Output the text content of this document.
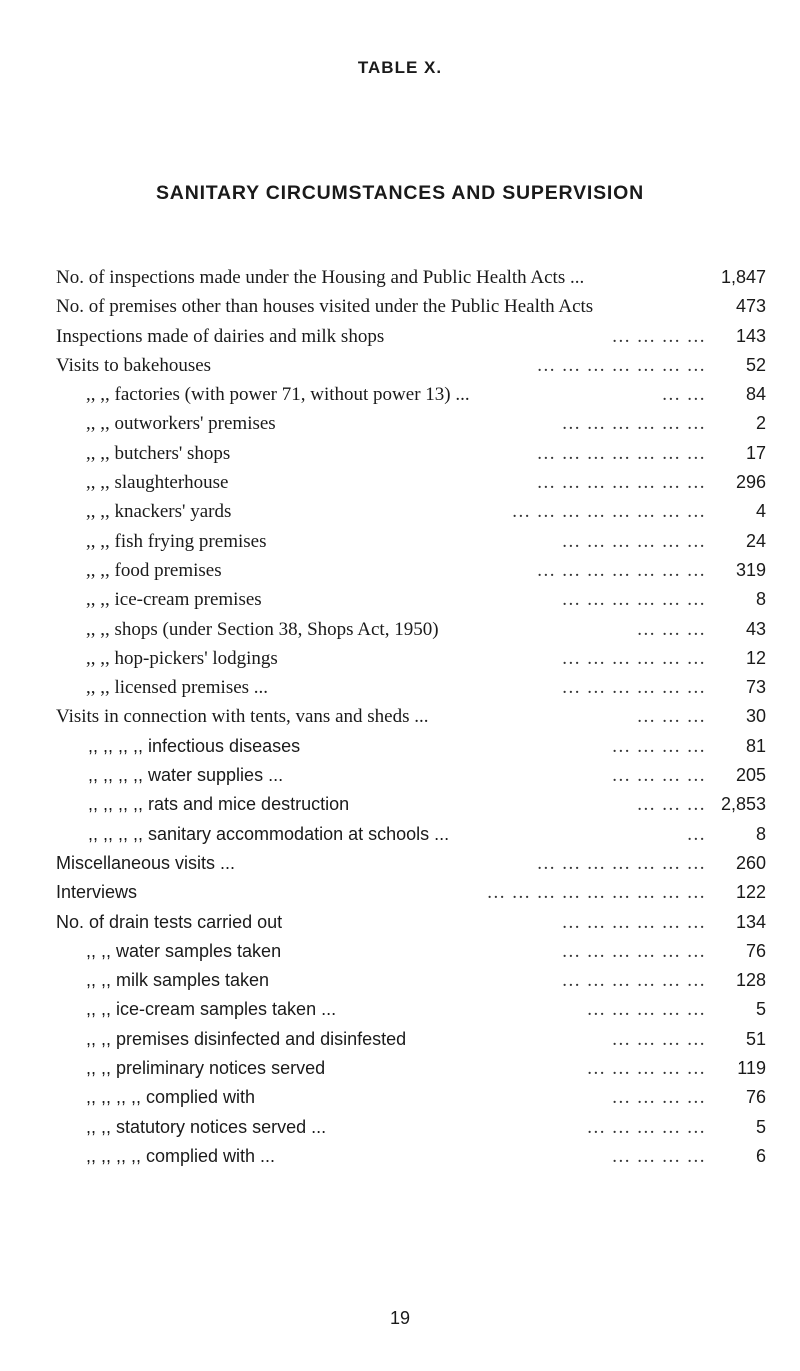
TABLE X.
SANITARY CIRCUMSTANCES AND SUPERVISION
No. of inspections made under the Housing and Public Health Acts ...	1,847
No. of premises other than houses visited under the Public Health Acts	473
... ... ... ...
Inspections made of dairies and milk shops	143
... ... ... ... ... ... ...
Visits to bakehouses	52
... ...
,, ,, factories (with power 71, without power 13) ...	84
... ... ... ... ... ...
,, ,, outworkers' premises	2
... ... ... ... ... ... ...
,, ,, butchers' shops	17
... ... ... ... ... ... ...
,, ,, slaughterhouse	296
... ... ... ... ... ... ... ...
,, ,, knackers' yards	4
... ... ... ... ... ...
,, ,, fish frying premises	24
... ... ... ... ... ... ...
,, ,, food premises	319
... ... ... ... ... ...
,, ,, ice-cream premises	8
... ... ...
,, ,, shops (under Section 38, Shops Act, 1950)	43
... ... ... ... ... ...
,, ,, hop-pickers' lodgings	12
... ... ... ... ... ...
,, ,, licensed premises ...	73
... ... ...
Visits in connection with tents, vans and sheds ...	30
... ... ... ...
,, ,, ,, ,, infectious diseases	81
... ... ... ...
,, ,, ,, ,, water supplies ...	205
... ... ...
,, ,, ,, ,, rats and mice destruction	2,853
...
,, ,, ,, ,, sanitary accommodation at schools ...	8
... ... ... ... ... ... ...
Miscellaneous visits ...	260
... ... ... ... ... ... ... ... ...
Interviews	122
... ... ... ... ... ...
No. of drain tests carried out	134
... ... ... ... ... ...
,, ,, water samples taken	76
... ... ... ... ... ...
,, ,, milk samples taken	128
... ... ... ... ...
,, ,, ice-cream samples taken ...	5
... ... ... ...
,, ,, premises disinfected and disinfested	51
... ... ... ... ...
,, ,, preliminary notices served	119
... ... ... ...
,, ,, ,, ,, complied with	76
... ... ... ... ...
,, ,, statutory notices served ...	5
... ... ... ...
,, ,, ,, ,, complied with ...	6
19
